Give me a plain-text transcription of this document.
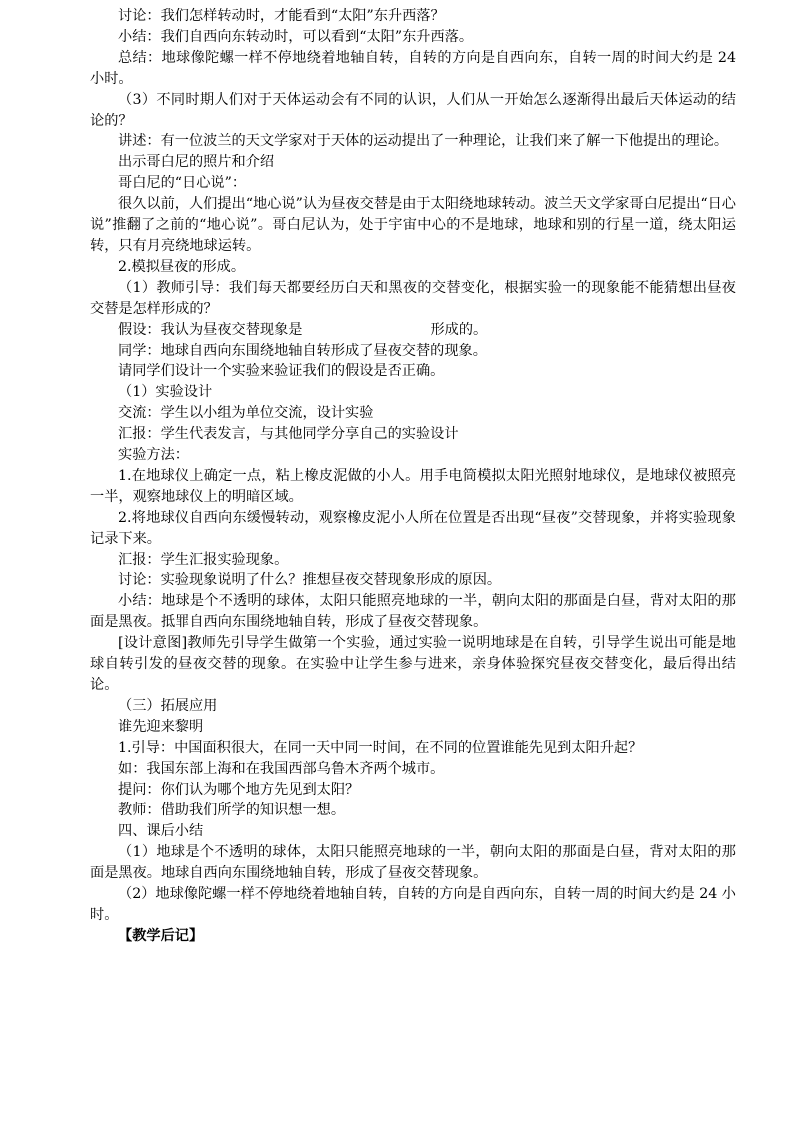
讨论：我们怎样转动时，才能看到“太阳”东升西落？

小结：我们自西向东转动时，可以看到“太阳”东升西落。

总结：地球像陀螺一样不停地绕着地轴自转，自转的方向是自西向东，自转一周的时间大约是 24 小时。

（3）不同时期人们对于天体运动会有不同的认识，人们从一开始怎么逐渐得出最后天体运动的结论的？

讲述：有一位波兰的天文学家对于天体的运动提出了一种理论，让我们来了解一下他提出的理论。

出示哥白尼的照片和介绍

哥白尼的“日心说”：

很久以前，人们提出“地心说”认为昼夜交替是由于太阳绕地球转动。波兰天文学家哥白尼提出“日心说”推翻了之前的“地心说”。哥白尼认为，处于宇宙中心的不是地球，地球和别的行星一道，绕太阳运转，只有月亮绕地球运转。

2.模拟昼夜的形成。

（1）教师引导：我们每天都要经历白天和黑夜的交替变化，根据实验一的现象能不能猜想出昼夜交替是怎样形成的？

假设：我认为昼夜交替现象是	形成的。

同学：地球自西向东围绕地轴自转形成了昼夜交替的现象。

请同学们设计一个实验来验证我们的假设是否正确。

（1）实验设计

交流：学生以小组为单位交流，设计实验

汇报：学生代表发言，与其他同学分享自己的实验设计

实验方法：

1.在地球仪上确定一点，粘上橡皮泥做的小人。用手电筒模拟太阳光照射地球仪，是地球仪被照亮一半，观察地球仪上的明暗区域。

2.将地球仪自西向东缓慢转动，观察橡皮泥小人所在位置是否出现“昼夜”交替现象，并将实验现象记录下来。

汇报：学生汇报实验现象。

讨论：实验现象说明了什么？推想昼夜交替现象形成的原因。

小结：地球是个不透明的球体，太阳只能照亮地球的一半，朝向太阳的那面是白昼，背对太阳的那面是黑夜。抵罪自西向东围绕地轴自转，形成了昼夜交替现象。

[设计意图]教师先引导学生做第一个实验，通过实验一说明地球是在自转，引导学生说出可能是地球自转引发的昼夜交替的现象。在实验中让学生参与进来，亲身体验探究昼夜交替变化，最后得出结论。

（三）拓展应用

谁先迎来黎明

1.引导：中国面积很大，在同一天中同一时间，在不同的位置谁能先见到太阳升起？

如：我国东部上海和在我国西部乌鲁木齐两个城市。

提问：你们认为哪个地方先见到太阳？

教师：借助我们所学的知识想一想。

四、课后小结

（1）地球是个不透明的球体，太阳只能照亮地球的一半，朝向太阳的那面是白昼，背对太阳的那面是黑夜。地球自西向东围绕地轴自转，形成了昼夜交替现象。

（2）地球像陀螺一样不停地绕着地轴自转，自转的方向是自西向东，自转一周的时间大约是 24 小时。

【教学后记】
